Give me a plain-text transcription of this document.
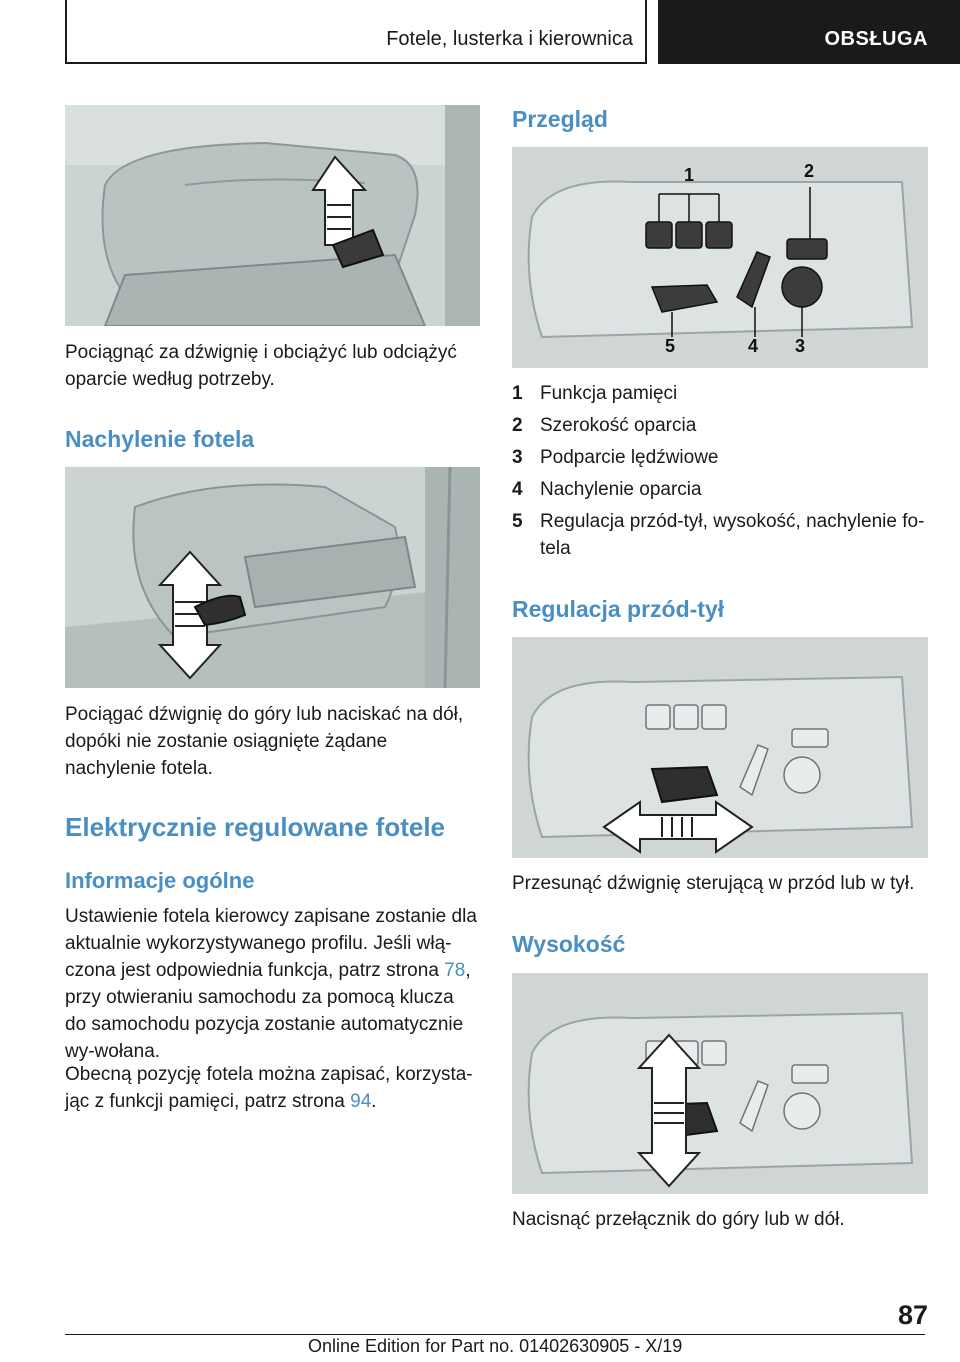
Fotele, lusterka i kierownica	OBSŁUGA

Pociągnąć za dźwignię i obciążyć lub odciążyć oparcie według potrzeby.

Nachylenie fotela

Pociągać dźwignię do góry lub naciskać na dół, dopóki nie zostanie osiągnięte żądane nachylenie fotela.

Elektrycznie regulowane fotele
Informacje ogólne

Ustawienie fotela kierowcy zapisane zostanie dla aktualnie wykorzystywanego profilu. Jeśli włą-czona jest odpowiednia funkcja, patrz strona 78, przy otwieraniu samochodu za pomocą klucza do samochodu pozycja zostanie automatycznie wy-wołana.

Obecną pozycję fotela można zapisać, korzysta-jąc z funkcji pamięci, patrz strona 94.

Przegląd
1	2
3
4
5
1 Funkcja pamięci
2 Szerokość oparcia
3 Podparcie lędźwiowe
4 Nachylenie oparcia
5 Regulacja przód-tył, wysokość, nachylenie fo-tela
Regulacja przód-tył

Przesunąć dźwignię sterującą w przód lub w tył.

Wysokość

Nacisnąć przełącznik do góry lub w dół.

87
Online Edition for Part no. 01402630905 - X/19
